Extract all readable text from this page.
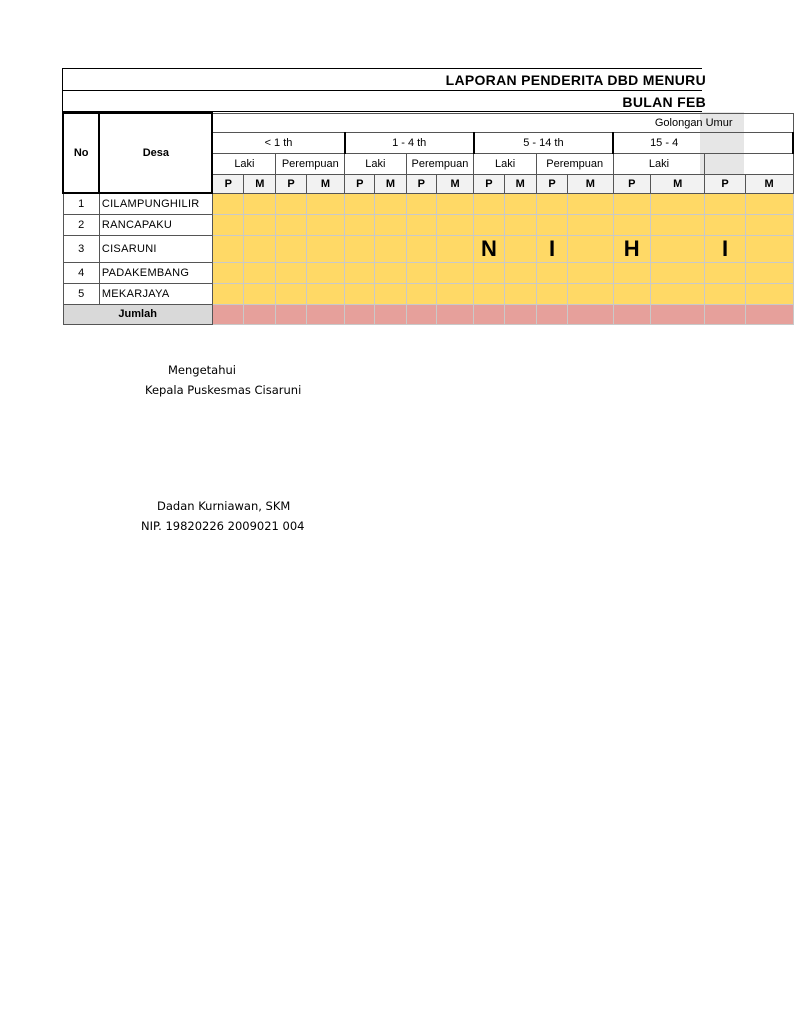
LAPORAN PENDERITA DBD MENURU
BULAN FEB
No	Desa	Golongan Umur															
		< 1 th				1 - 4 th				5 - 14 th				15 - 4			
		Laki		Perempuan		Laki		Perempuan		Laki		Perempuan		Laki			
		P	M	P	M	P	M	P	M	P	M	P	M	P	M	P	M
1	CILAMPUNGHILIR																
2	RANCAPAKU																
3	CISARUNI									N		I		H		I	
4	PADAKEMBANG																
5	MEKARJAYA																
Jumlah																	
Mengetahui
Kepala Puskesmas Cisaruni
Dadan Kurniawan, SKM
NIP. 19820226 2009021 004
